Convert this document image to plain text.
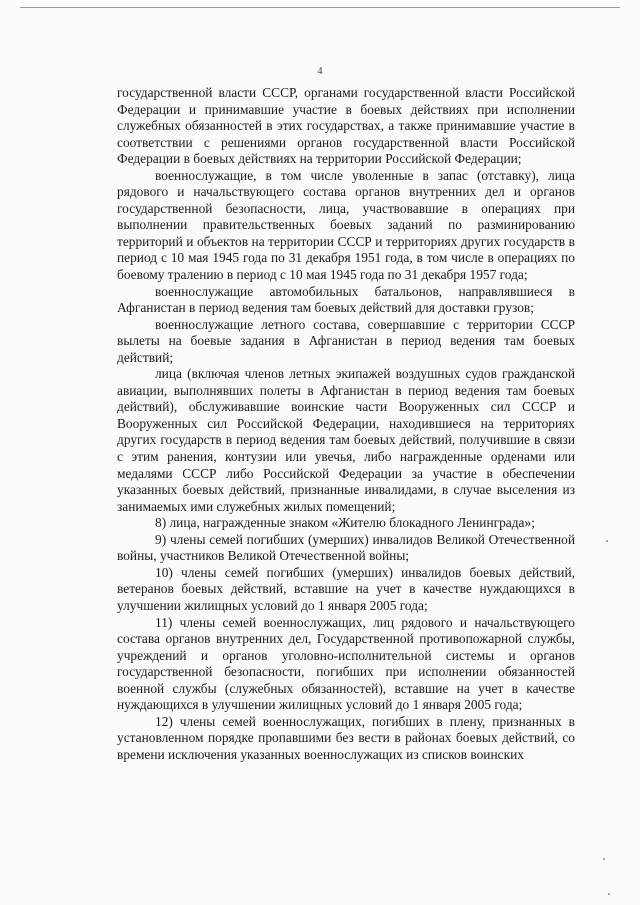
4

государственной власти СССР, органами государственной власти Российской Федерации и принимавшие участие в боевых действиях при исполнении служебных обязанностей в этих государствах, а также принимавшие участие в соответствии с решениями органов государственной власти Российской Федерации в боевых действиях на территории Российской Федерации;

военнослужащие, в том числе уволенные в запас (отставку), лица рядового и начальствующего состава органов внутренних дел и органов государственной безопасности, лица, участвовавшие в операциях при выполнении правительственных боевых заданий по разминированию территорий и объектов на территории СССР и территориях других государств в период с 10 мая 1945 года по 31 декабря 1951 года, в том числе в операциях по боевому тралению в период с 10 мая 1945 года по 31 декабря 1957 года;

военнослужащие автомобильных батальонов, направлявшиеся в Афганистан в период ведения там боевых действий для доставки грузов;

военнослужащие летного состава, совершавшие с территории СССР вылеты на боевые задания в Афганистан в период ведения там боевых действий;

лица (включая членов летных экипажей воздушных судов гражданской авиации, выполнявших полеты в Афганистан в период ведения там боевых действий), обслуживавшие воинские части Вооруженных сил СССР и Вооруженных сил Российской Федерации, находившиеся на территориях других государств в период ведения там боевых действий, получившие в связи с этим ранения, контузии или увечья, либо награжденные орденами или медалями СССР либо Российской Федерации за участие в обеспечении указанных боевых действий, признанные инвалидами, в случае выселения из занимаемых ими служебных жилых помещений;

8) лица, награжденные знаком «Жителю блокадного Ленинграда»;

9) члены семей погибших (умерших) инвалидов Великой Отечественной войны, участников Великой Отечественной войны;

10) члены семей погибших (умерших) инвалидов боевых действий, ветеранов боевых действий, вставшие на учет в качестве нуждающихся в улучшении жилищных условий до 1 января 2005 года;

11) члены семей военнослужащих, лиц рядового и начальствующего состава органов внутренних дел, Государственной противопожарной службы, учреждений и органов уголовно-исполнительной системы и органов государственной безопасности, погибших при исполнении обязанностей военной службы (служебных обязанностей), вставшие на учет в качестве нуждающихся в улучшении жилищных условий до 1 января 2005 года;

12) члены семей военнослужащих, погибших в плену, признанных в установленном порядке пропавшими без вести в районах боевых действий, со времени исключения указанных военнослужащих из списков воинских
